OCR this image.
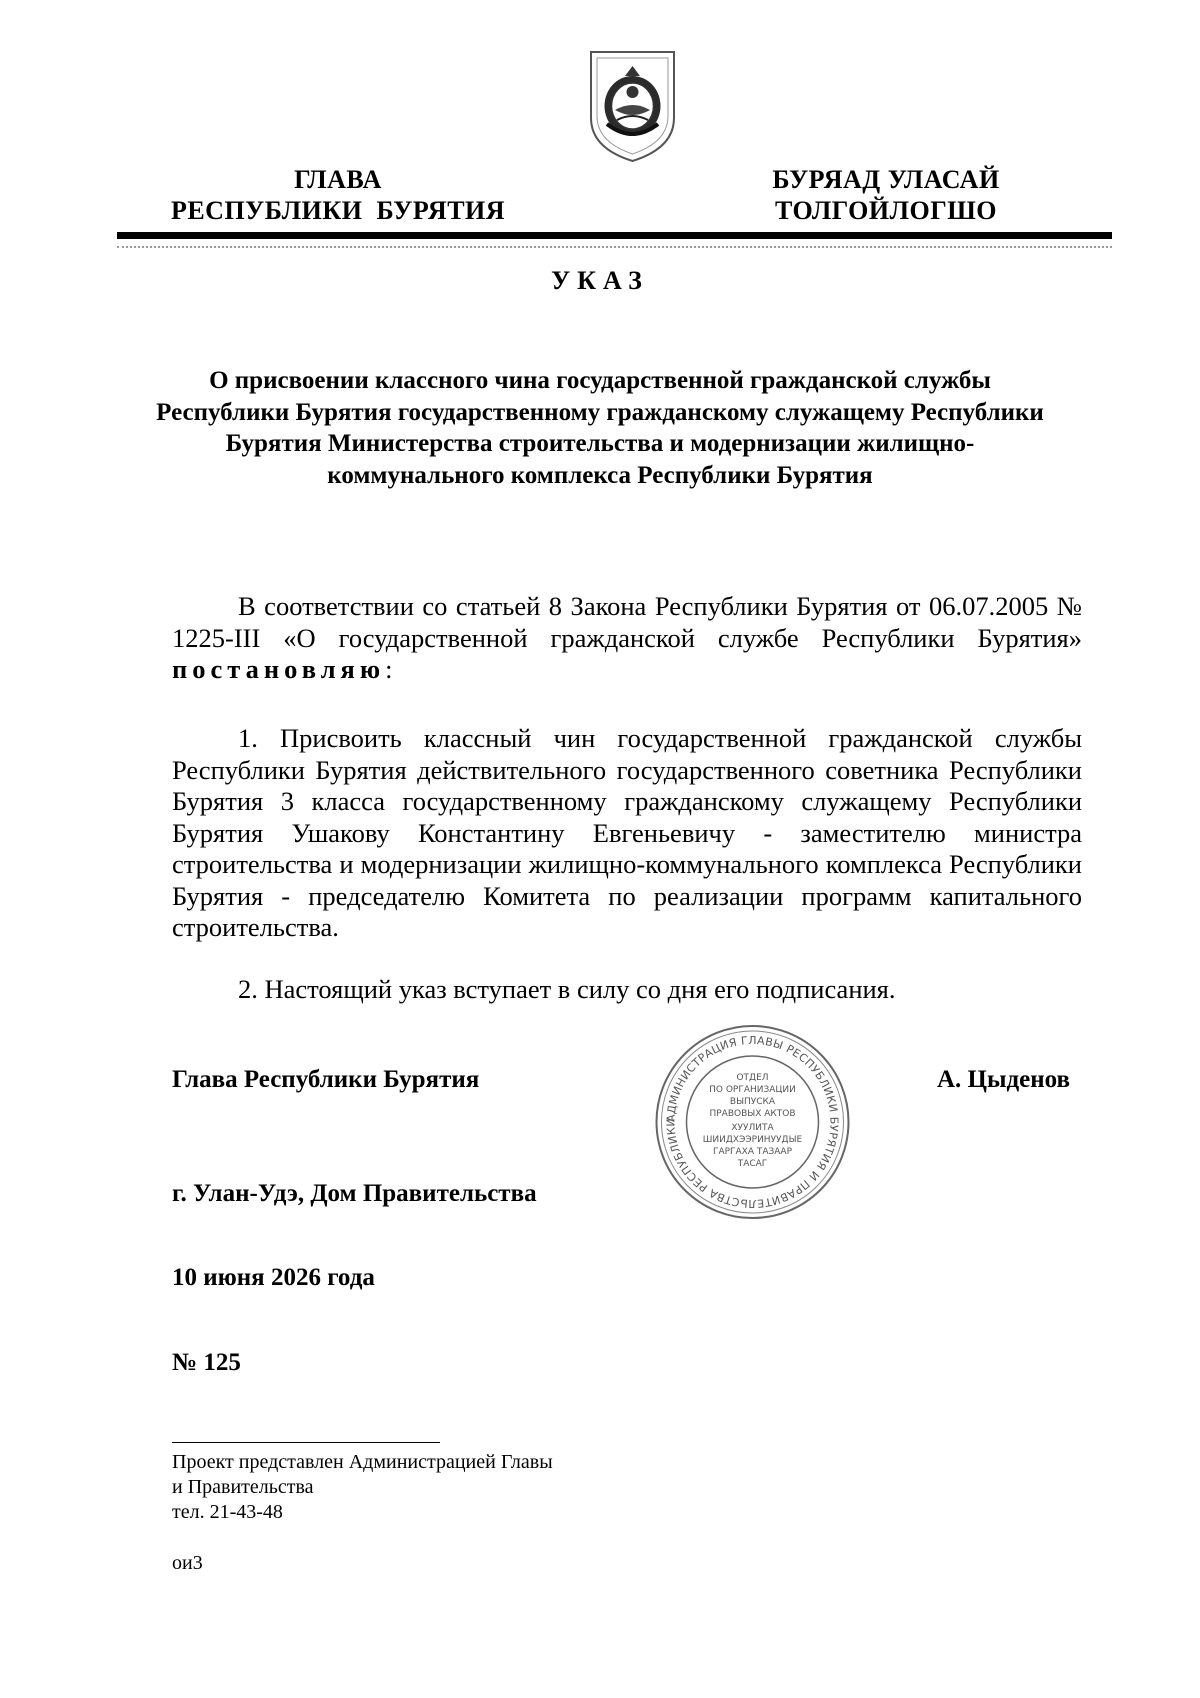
ГЛАВА
РЕСПУБЛИКИ  БУРЯТИЯ
БУРЯАД УЛАСАЙ
ТОЛГОЙЛОГШО
УКАЗ
О присвоении классного чина государственной гражданской службы Республики Бурятия государственному гражданскому служащему Республики Бурятия Министерства строительства и модернизации жилищно-коммунального комплекса Республики Бурятия

В соответствии со статьей 8 Закона Республики Бурятия от 06.07.2005 № 1225-III «О государственной гражданской службе Республики Бурятия» постановляю:

1. Присвоить классный чин государственной гражданской службы Республики Бурятия действительного государственного советника Республики Бурятия 3 класса государственному гражданскому служащему Республики Бурятия Ушакову Константину Евгеньевичу - заместителю министра строительства и модернизации жилищно-коммунального комплекса Республики Бурятия - председателю Комитета по реализации программ капитального строительства.

2. Настоящий указ вступает в силу со дня его подписания.

Глава Республики Бурятия	А. Цыденов
АДМИНИСТРАЦИЯ ГЛАВЫ РЕСПУБЛИКИ БУРЯТИЯ И ПРАВИТЕЛЬСТВА РЕСПУБЛИКИ
ОТДЕЛ
ПО ОРГАНИЗАЦИИ
ВЫПУСКА
ПРАВОВЫХ АКТОВ
ХУУЛИТА
ШИИДХЭЭРИНУУДЫЕ
ГАРГАХА ТАЗААР
ТАСАГ
г. Улан-Удэ, Дом Правительства
10 июня 2026 года
№ 125
Проект представлен Администрацией Главы
и Правительства
тел. 21-43-48
ои3
